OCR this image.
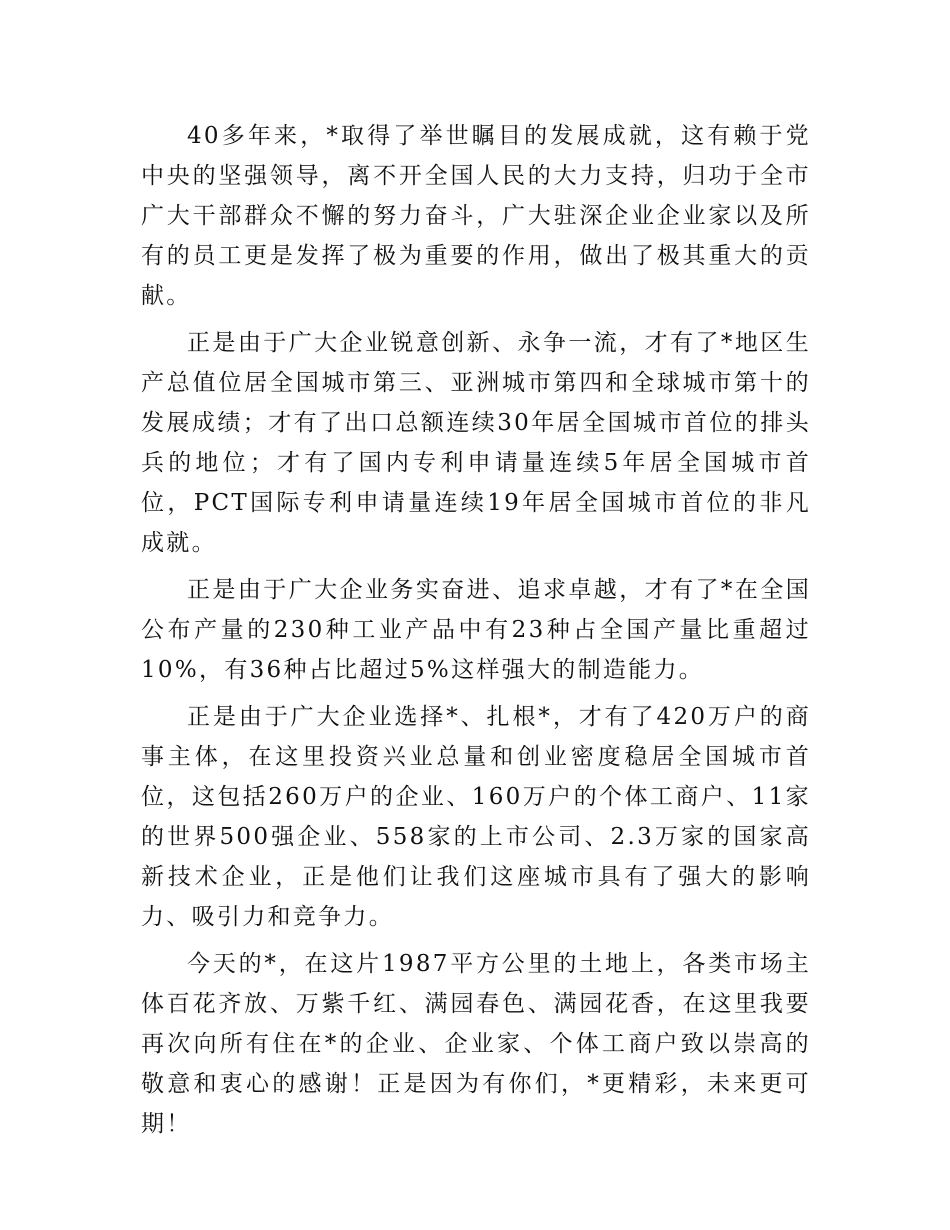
40多年来，*取得了举世瞩目的发展成就，这有赖于党中央的坚强领导，离不开全国人民的大力支持，归功于全市广大干部群众不懈的努力奋斗，广大驻深企业企业家以及所有的员工更是发挥了极为重要的作用，做出了极其重大的贡献。

正是由于广大企业锐意创新、永争一流，才有了*地区生产总值位居全国城市第三、亚洲城市第四和全球城市第十的发展成绩；才有了出口总额连续30年居全国城市首位的排头兵的地位；才有了国内专利申请量连续5年居全国城市首位，PCT国际专利申请量连续19年居全国城市首位的非凡成就。

正是由于广大企业务实奋进、追求卓越，才有了*在全国公布产量的230种工业产品中有23种占全国产量比重超过10%，有36种占比超过5%这样强大的制造能力。

正是由于广大企业选择*、扎根*，才有了420万户的商事主体，在这里投资兴业总量和创业密度稳居全国城市首位，这包括260万户的企业、160万户的个体工商户、11家的世界500强企业、558家的上市公司、2.3万家的国家高新技术企业，正是他们让我们这座城市具有了强大的影响力、吸引力和竞争力。

今天的*，在这片1987平方公里的土地上，各类市场主体百花齐放、万紫千红、满园春色、满园花香，在这里我要再次向所有住在*的企业、企业家、个体工商户致以崇高的敬意和衷心的感谢！正是因为有你们，*更精彩，未来更可期！
